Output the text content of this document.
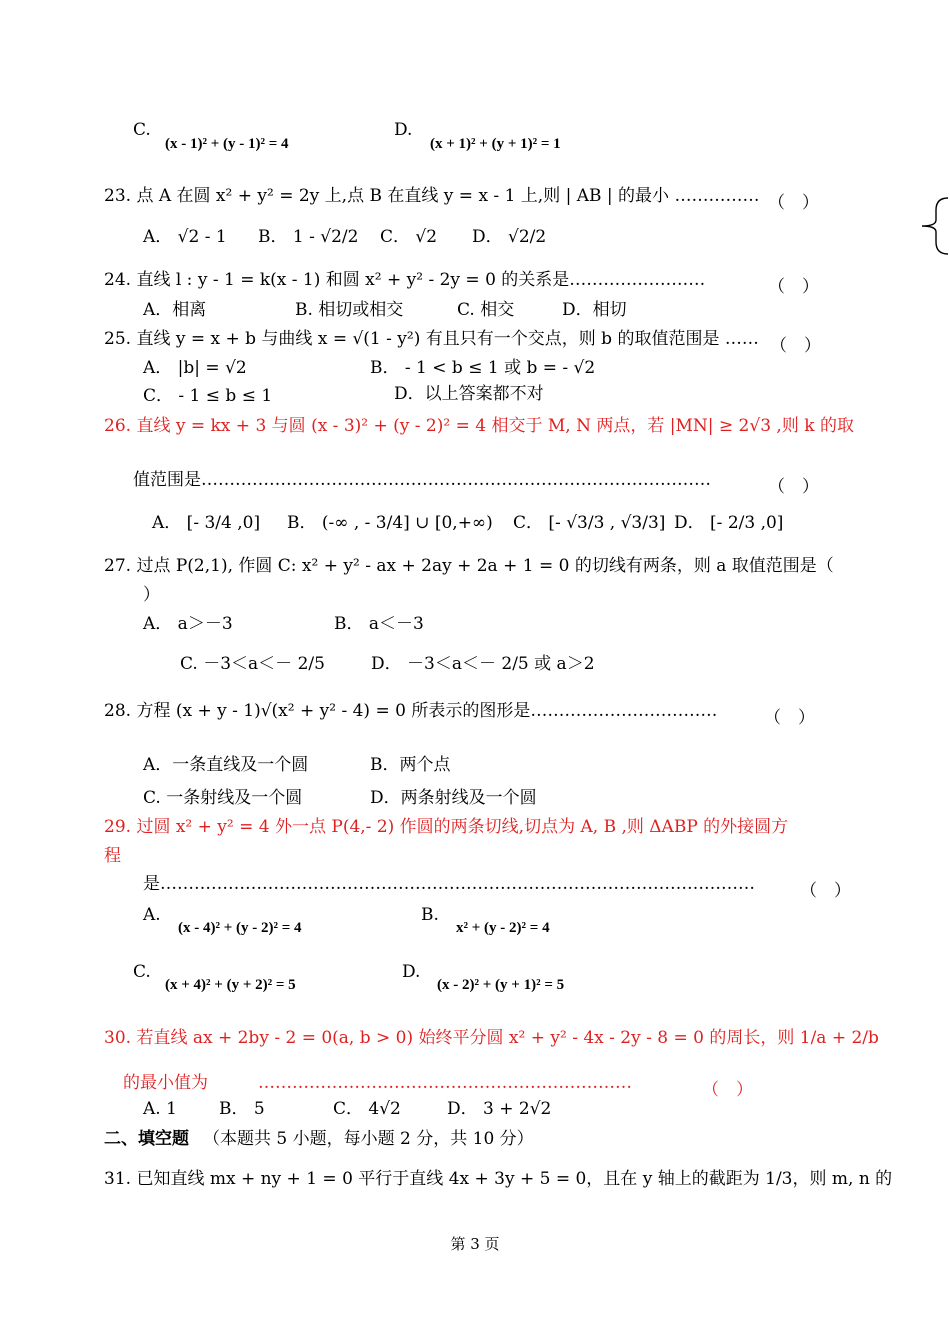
C.
(x - 1)² + (y - 1)² = 4
D.
(x + 1)² + (y + 1)² = 1
23. 点 A 在圆 x² + y² = 2y 上,点 B 在直线 y = x - 1 上,则 | AB | 的最小 …………… （　）
A． √2 - 1 B． 1 - √2/2 C． √2 D． √2/2
24. 直线 l : y - 1 = k(x - 1) 和圆 x² + y² - 2y = 0 的关系是……………………	（　）
A．相离	B. 相切或相交	C. 相交	D．相切
25. 直线 y = x + b 与曲线 x = √(1 - y²) 有且只有一个交点，则 b 的取值范围是 …… （　）
A． |b| = √2	B． - 1 < b ≤ 1 或 b = - √2
C． - 1 ≤ b ≤ 1	D．以上答案都不对
26. 直线 y = kx + 3 与圆 (x - 3)² + (y - 2)² = 4 相交于 M, N 两点，若 |MN| ≥ 2√3 ,则 k 的取
值范围是………………………………………………………………………………	（　）
A． [- 3/4 ,0] B． (-∞ , - 3/4] ∪ [0,+∞) C． [- √3/3 , √3/3] D． [- 2/3 ,0]
27. 过点 P(2,1), 作圆 C: x² + y² - ax + 2ay + 2a + 1 = 0 的切线有两条，则 a 取值范围是（
）
A． a＞－3	B． a＜－3
C. －3＜a＜－ 2/5	D． －3＜a＜－ 2/5 或 a＞2
28. 方程 (x + y - 1)√(x² + y² - 4) = 0 所表示的图形是……………………………	（　）
A．一条直线及一个圆	B．两个点
C. 一条射线及一个圆	D．两条射线及一个圆
29. 过圆 x² + y² = 4 外一点 P(4,- 2) 作圆的两条切线,切点为 A, B ,则 ΔABP 的外接圆方
程
是……………………………………………………………………………………………	（　）
A.
(x - 4)² + (y - 2)² = 4
B.
x² + (y - 2)² = 4
C.
(x + 4)² + (y + 2)² = 5
D.
(x - 2)² + (y + 1)² = 5
30. 若直线 ax + 2by - 2 = 0(a, b > 0) 始终平分圆 x² + y² - 4x - 2y - 8 = 0 的周长，则 1/a + 2/b
的最小值为	…………………………………………………………	（　）
A. 1 B． 5	C． 4√2	D． 3 + 2√2
二、填空题 （本题共 5 小题，每小题 2 分，共 10 分）
31. 已知直线 mx + ny + 1 = 0 平行于直线 4x + 3y + 5 = 0，且在 y 轴上的截距为 1/3，则 m, n 的
第 3 页
